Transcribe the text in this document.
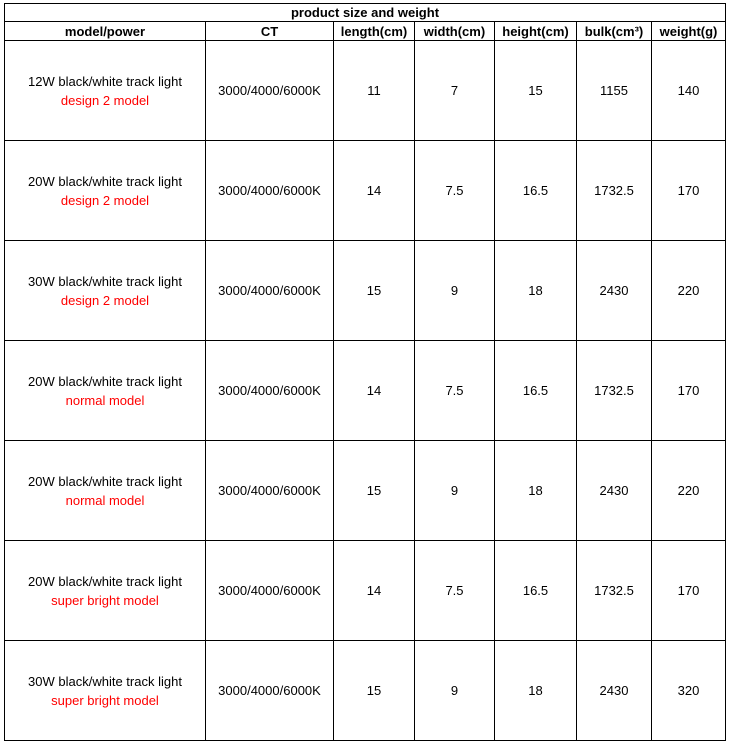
product size and weight						
model/power	CT	length(cm)	width(cm)	height(cm)	bulk(cm³)	weight(g)

12W black/white track light
design 2 model	3000/4000/6000K	11	7	15	1155	140

20W black/white track light
design 2 model	3000/4000/6000K	14	7.5	16.5	1732.5	170

30W black/white track light
design 2 model	3000/4000/6000K	15	9	18	2430	220

20W black/white track light
normal model	3000/4000/6000K	14	7.5	16.5	1732.5	170

20W black/white track light
normal model	3000/4000/6000K	15	9	18	2430	220

20W black/white track light
super bright model	3000/4000/6000K	14	7.5	16.5	1732.5	170

30W black/white track light
super bright model	3000/4000/6000K	15	9	18	2430	320
